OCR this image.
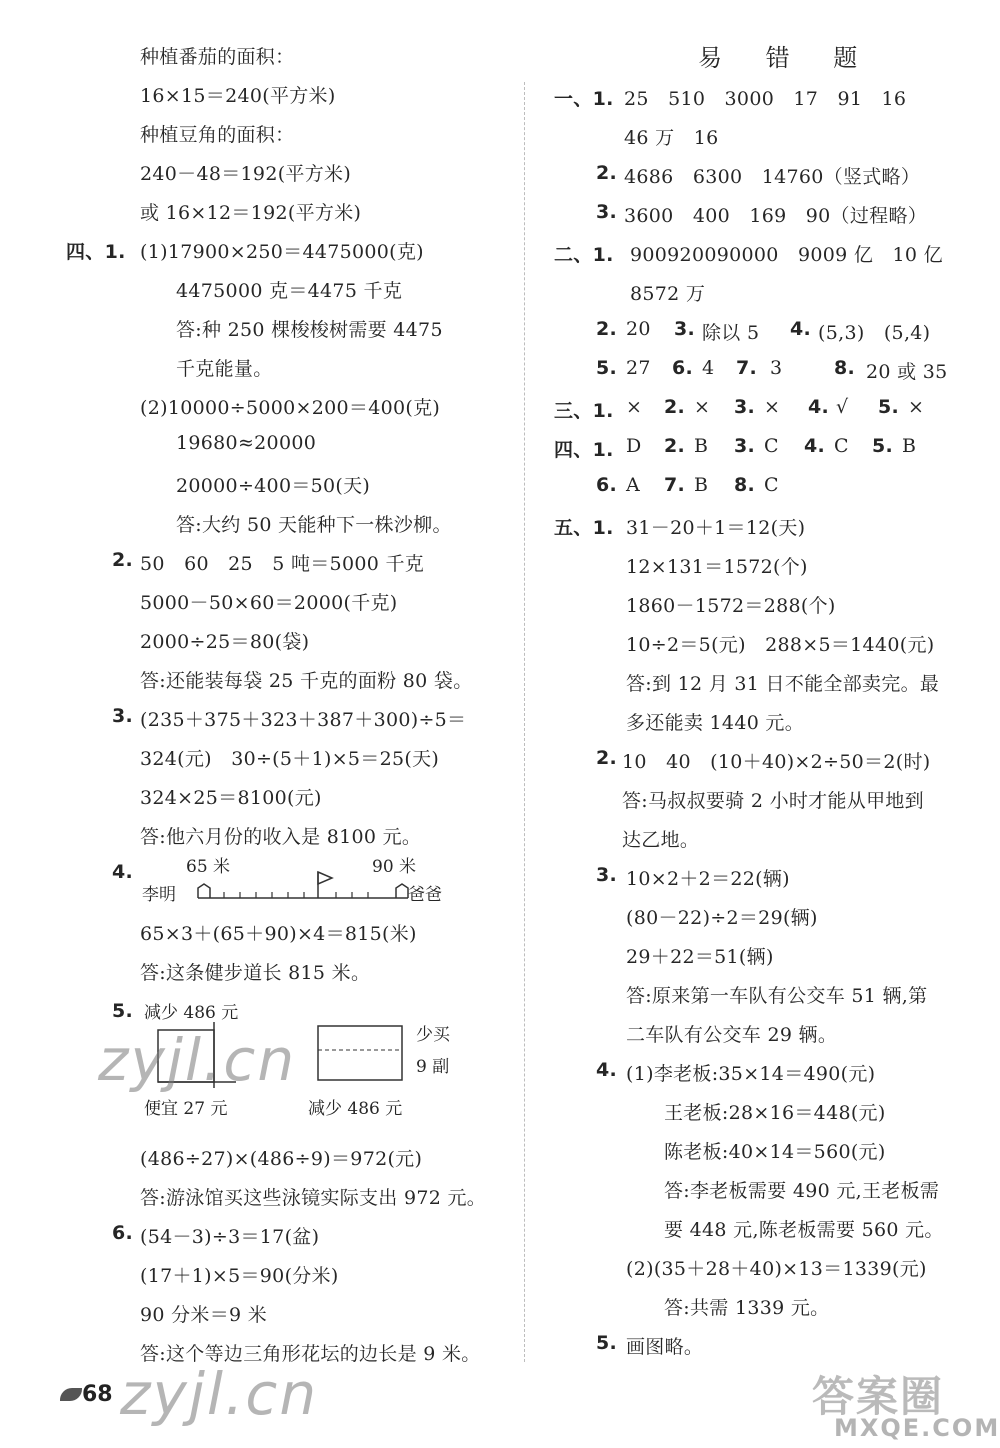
种植番茄的面积：
16×15＝240(平方米)
种植豆角的面积：
240－48＝192(平方米)
或 16×12＝192(平方米)
四、1. (1)17900×250＝4475000(克)
4475000 克＝4475 千克
答:种 250 棵梭梭树需要 4475
千克能量。
(2)10000÷5000×200＝400(克)
19680≈20000
20000÷400＝50(天)
答:大约 50 天能种下一株沙柳。
2. 50　60　25　5 吨＝5000 千克
5000－50×60＝2000(千克)
2000÷25＝80(袋)
答:还能装每袋 25 千克的面粉 80 袋。
3. (235＋375＋323＋387＋300)÷5＝
324(元)　30÷(5＋1)×5＝25(天)
324×25＝8100(元)
答:他六月份的收入是 8100 元。
4.	65 米	90 米
李明	爸爸
65×3＋(65＋90)×4＝815(米)
答:这条健步道长 815 米。
5. 减少 486 元
便宜 27 元
少买
9 副
减少 486 元
(486÷27)×(486÷9)＝972(元)
答:游泳馆买这些泳镜实际支出 972 元。
6. (54－3)÷3＝17(盆)
(17＋1)×5＝90(分米)
90 分米＝9 米
答:这个等边三角形花坛的边长是 9 米。
易 错 题
一、1. 25　510　3000　17　91　16
46 万　16
2. 4686　6300　14760（竖式略）
3. 3600　400　169　90（过程略）
二、1. 900920090000　9009 亿　10 亿
8572 万
2. 20 3. 除以 5 4. (5,3)　(5,4)
5. 27 6. 4 7. 3	8. 20 或 35
三、1. × 2. × 3. × 4. √ 5. ×
四、1. D 2. B 3. C 4. C 5. B
6. A 7. B 8. C
五、1. 31－20＋1＝12(天)
12×131＝1572(个)
1860－1572＝288(个)
10÷2＝5(元)　288×5＝1440(元)
答:到 12 月 31 日不能全部卖完。最
多还能卖 1440 元。
2. 10　40　(10＋40)×2÷50＝2(时)
答:马叔叔要骑 2 小时才能从甲地到
达乙地。
3. 10×2＋2＝22(辆)
(80－22)÷2＝29(辆)
29＋22＝51(辆)
答:原来第一车队有公交车 51 辆,第
二车队有公交车 29 辆。
4. (1)李老板:35×14＝490(元)
王老板:28×16＝448(元)
陈老板:40×14＝560(元)
答:李老板需要 490 元,王老板需
要 448 元,陈老板需要 560 元。
(2)(35＋28＋40)×13＝1339(元)
答:共需 1339 元。
5. 画图略。
68
zyjl.cn
zyjl.cn	答案圈
MXQE.COM
